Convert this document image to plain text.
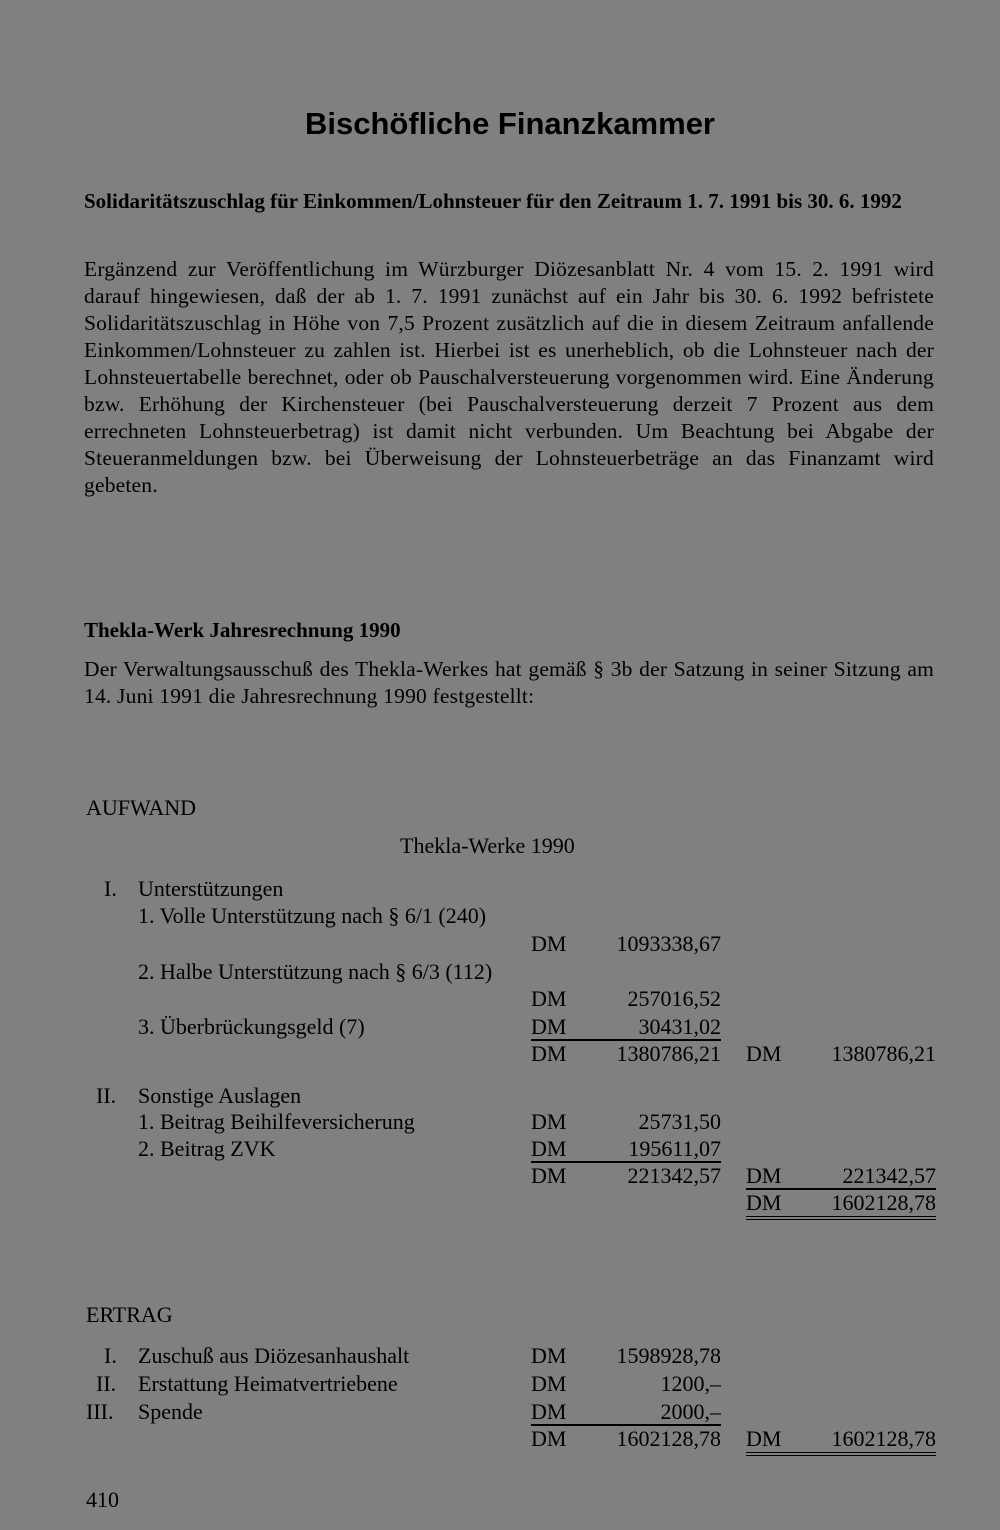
Bischöfliche Finanzkammer
Solidaritätszuschlag für Einkommen/Lohnsteuer für den Zeitraum 1. 7. 1991 bis 30. 6. 1992

Ergänzend zur Veröffentlichung im Würzburger Diözesanblatt Nr. 4 vom 15. 2. 1991 wird darauf hingewiesen, daß der ab 1. 7. 1991 zunächst auf ein Jahr bis 30. 6. 1992 befristete Solidaritätszuschlag in Höhe von 7,5 Prozent zusätzlich auf die in diesem Zeitraum anfallende Einkommen/Lohnsteuer zu zahlen ist. Hierbei ist es unerheblich, ob die Lohnsteuer nach der Lohnsteuertabelle berechnet, oder ob Pauschalversteuerung vorgenommen wird. Eine Änderung bzw. Erhöhung der Kirchensteuer (bei Pauschalversteuerung derzeit 7 Prozent aus dem errechneten Lohnsteuerbetrag) ist damit nicht verbunden. Um Beachtung bei Abgabe der Steueranmeldungen bzw. bei Überweisung der Lohnsteuerbeträge an das Finanzamt wird gebeten.

Thekla-Werk Jahresrechnung 1990

Der Verwaltungsausschuß des Thekla-Werkes hat gemäß § 3b der Satzung in seiner Sitzung am 14. Juni 1991 die Jahresrechnung 1990 festgestellt:

AUFWAND
Thekla-Werke 1990
I. Unterstützungen
1. Volle Unterstützung nach § 6/1 (240)
DM 1093338,67
2. Halbe Unterstützung nach § 6/3 (112)
DM	257016,52
3. Überbrückungsgeld (7)	DM	30431,02
DM 1380786,21 DM 1380786,21
II. Sonstige Auslagen
1. Beitrag Beihilfeversicherung	DM	25731,50
2. Beitrag ZVK	DM	195611,07
DM	221342,57 DM	221342,57
DM 1602128,78
ERTRAG
I. Zuschuß aus Diözesanhaushalt	DM 1598928,78
II. Erstattung Heimatvertriebene	DM	1200,–
III. Spende	DM	2000,–
DM 1602128,78 DM 1602128,78
410
